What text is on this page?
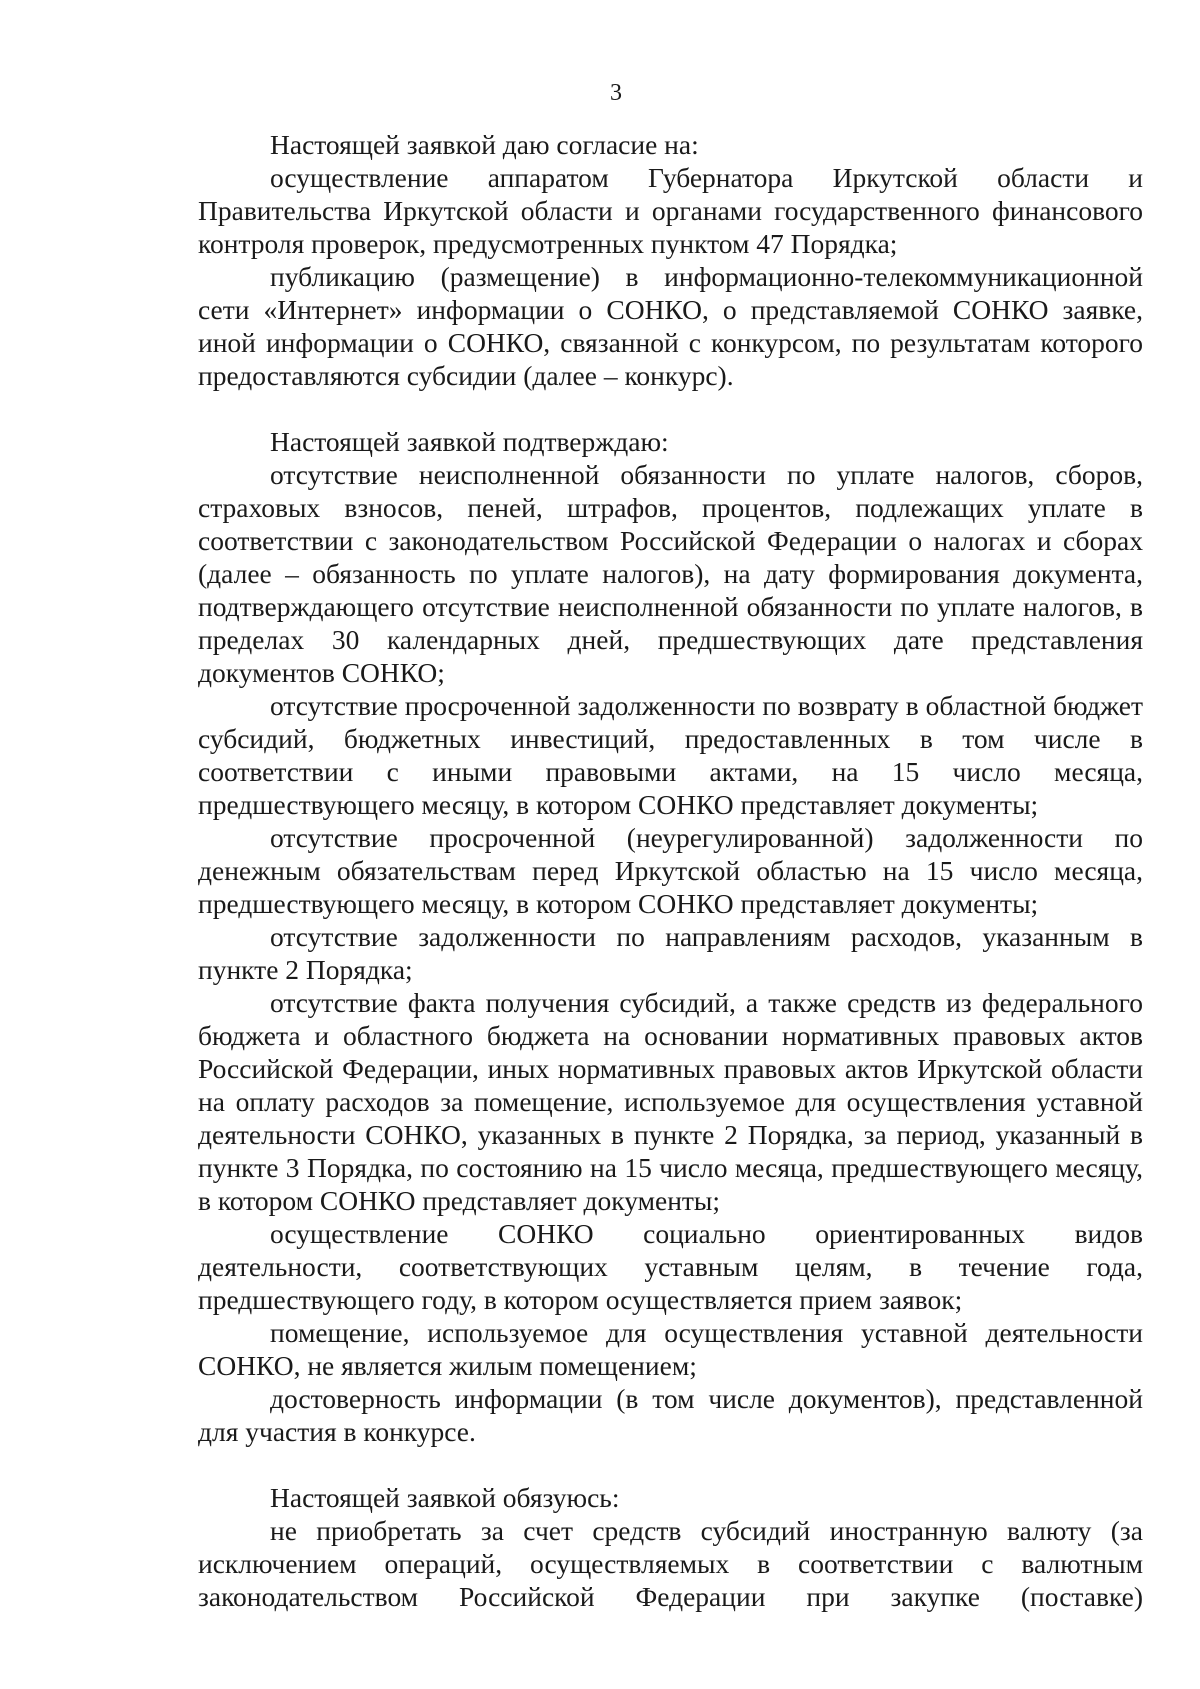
3

Настоящей заявкой даю согласие на:

осуществление аппаратом Губернатора Иркутской области и Правительства Иркутской области и органами государственного финансового контроля проверок, предусмотренных пунктом 47 Порядка;

публикацию (размещение) в информационно-телекоммуникационной сети «Интернет» информации о СОНКО, о представляемой СОНКО заявке, иной информации о СОНКО, связанной с конкурсом, по результатам которого предоставляются субсидии (далее – конкурс).

Настоящей заявкой подтверждаю:

отсутствие неисполненной обязанности по уплате налогов, сборов, страховых взносов, пеней, штрафов, процентов, подлежащих уплате в соответствии с законодательством Российской Федерации о налогах и сборах (далее – обязанность по уплате налогов), на дату формирования документа, подтверждающего отсутствие неисполненной обязанности по уплате налогов, в пределах 30 календарных дней, предшествующих дате представления документов СОНКО;

отсутствие просроченной задолженности по возврату в областной бюджет субсидий, бюджетных инвестиций, предоставленных в том числе в соответствии с иными правовыми актами, на 15 число месяца, предшествующего месяцу, в котором СОНКО представляет документы;

отсутствие просроченной (неурегулированной) задолженности по денежным обязательствам перед Иркутской областью на 15 число месяца, предшествующего месяцу, в котором СОНКО представляет документы;

отсутствие задолженности по направлениям расходов, указанным в пункте 2 Порядка;

отсутствие факта получения субсидий, а также средств из федерального бюджета и областного бюджета на основании нормативных правовых актов Российской Федерации, иных нормативных правовых актов Иркутской области на оплату расходов за помещение, используемое для осуществления уставной деятельности СОНКО, указанных в пункте 2 Порядка, за период, указанный в пункте 3 Порядка, по состоянию на 15 число месяца, предшествующего месяцу, в котором СОНКО представляет документы;

осуществление СОНКО социально ориентированных видов деятельности, соответствующих уставным целям, в течение года, предшествующего году, в котором осуществляется прием заявок;

помещение, используемое для осуществления уставной деятельности СОНКО, не является жилым помещением;

достоверность информации (в том числе документов), представленной для участия в конкурсе.

Настоящей заявкой обязуюсь:

не приобретать за счет средств субсидий иностранную валюту (за исключением операций, осуществляемых в соответствии с валютным законодательством Российской Федерации при закупке (поставке)
